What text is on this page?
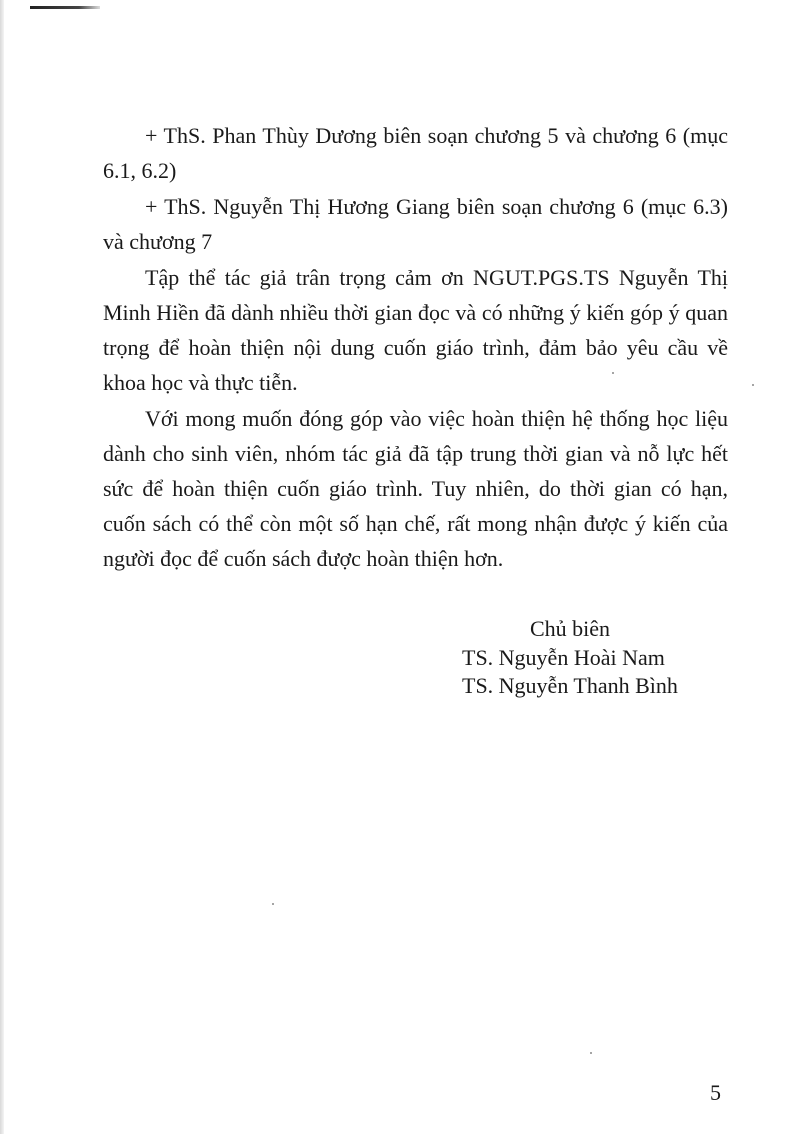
+ ThS. Phan Thùy Dương biên soạn chương 5 và chương 6 (mục 6.1, 6.2)

+ ThS. Nguyễn Thị Hương Giang biên soạn chương 6 (mục 6.3) và chương 7

Tập thể tác giả trân trọng cảm ơn NGUT.PGS.TS Nguyễn Thị Minh Hiền đã dành nhiều thời gian đọc và có những ý kiến góp ý quan trọng để hoàn thiện nội dung cuốn giáo trình, đảm bảo yêu cầu về khoa học và thực tiễn.

Với mong muốn đóng góp vào việc hoàn thiện hệ thống học liệu dành cho sinh viên, nhóm tác giả đã tập trung thời gian và nỗ lực hết sức để hoàn thiện cuốn giáo trình. Tuy nhiên, do thời gian có hạn, cuốn sách có thể còn một số hạn chế, rất mong nhận được ý kiến của người đọc để cuốn sách được hoàn thiện hơn.

Chủ biên
TS. Nguyễn Hoài Nam
TS. Nguyễn Thanh Bình
5
